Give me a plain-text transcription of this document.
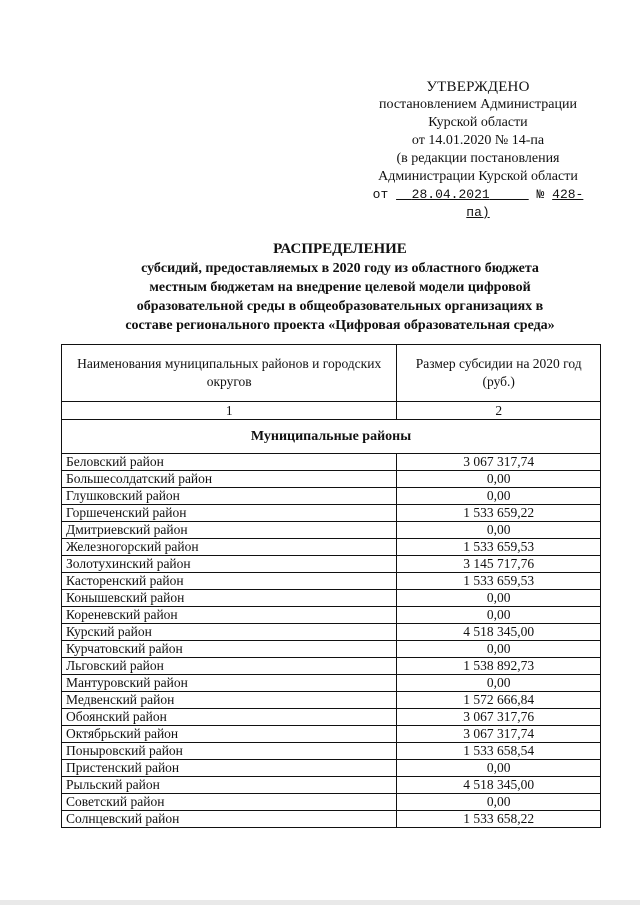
УТВЕРЖДЕНО
постановлением Администрации
Курской области
от 14.01.2020 № 14-па
(в редакции постановления
Администрации Курской области
от 28.04.2021	№ 428-па)
РАСПРЕДЕЛЕНИЕ
субсидий, предоставляемых в 2020 году из областного бюджета
местным бюджетам на внедрение целевой модели цифровой
образовательной среды в общеобразовательных организациях в
составе регионального проекта «Цифровая образовательная среда»
Наименования муниципальных районов и городских округов	Размер субсидии на 2020 год (руб.)
1	2
Муниципальные районы	
Беловский район	3 067 317,74
Большесолдатский район	0,00
Глушковский район	0,00
Горшеченский район	1 533 659,22
Дмитриевский район	0,00
Железногорский район	1 533 659,53
Золотухинский район	3 145 717,76
Касторенский район	1 533 659,53
Конышевский район	0,00
Кореневский район	0,00
Курский район	4 518 345,00
Курчатовский район	0,00
Льговский район	1 538 892,73
Мантуровский район	0,00
Медвенский район	1 572 666,84
Обоянский район	3 067 317,76
Октябрьский район	3 067 317,74
Поныровский район	1 533 658,54
Пристенский район	0,00
Рыльский район	4 518 345,00
Советский район	0,00
Солнцевский район	1 533 658,22
